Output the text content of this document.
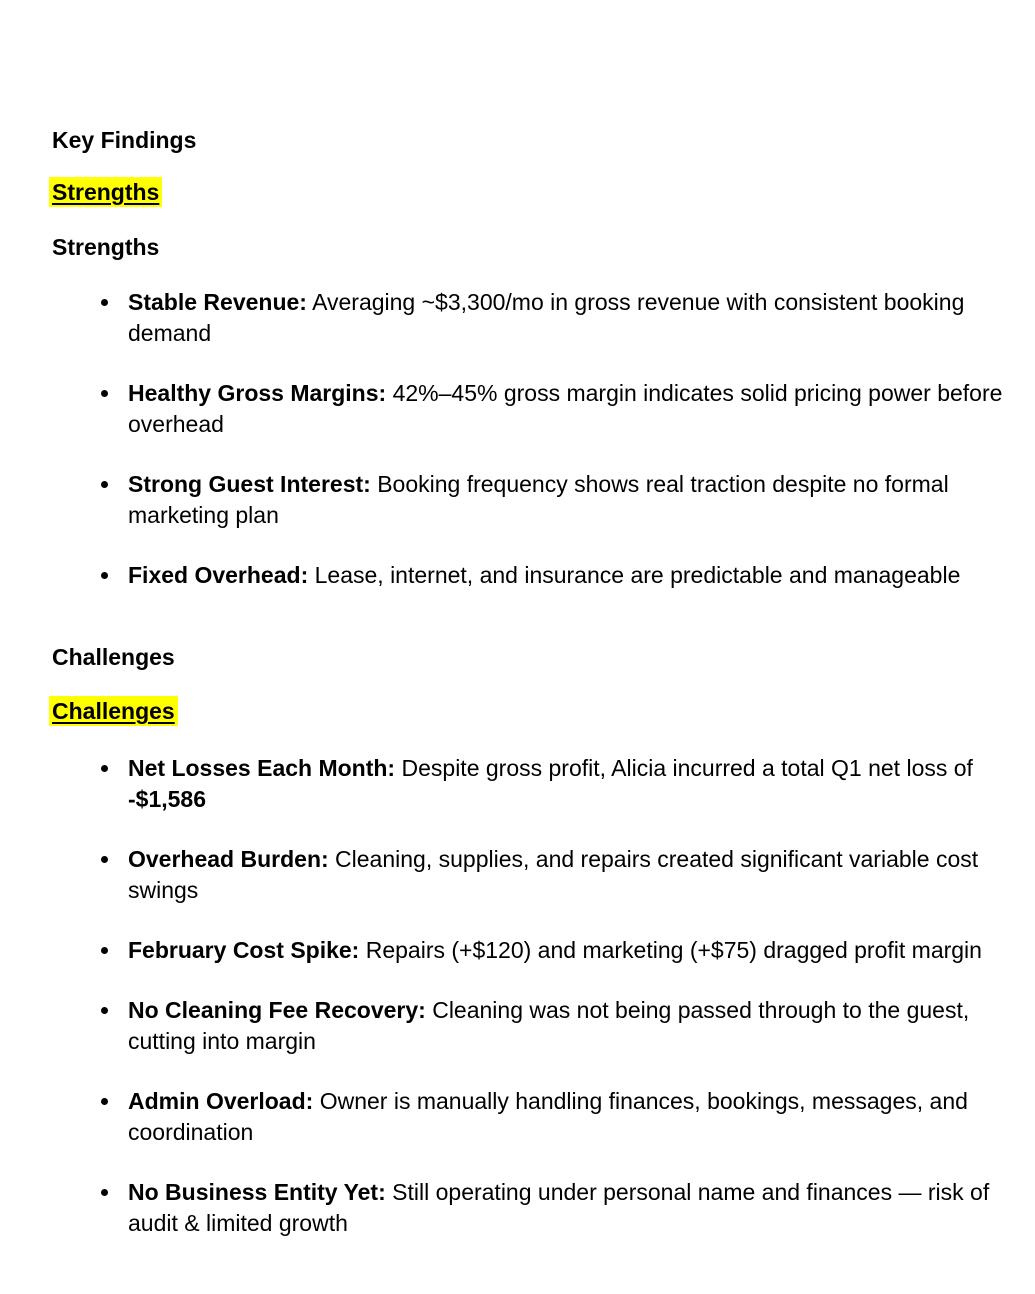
Key Findings

Strengths

Strengths
Stable Revenue: Averaging ~$3,300/mo in gross revenue with consistent booking demand
Healthy Gross Margins: 42%–45% gross margin indicates solid pricing power before overhead
Strong Guest Interest: Booking frequency shows real traction despite no formal marketing plan
Fixed Overhead: Lease, internet, and insurance are predictable and manageable
Challenges

Challenges

Net Losses Each Month: Despite gross profit, Alicia incurred a total Q1 net loss of -$1,586
Overhead Burden: Cleaning, supplies, and repairs created significant variable cost swings
February Cost Spike: Repairs (+$120) and marketing (+$75) dragged profit margin
No Cleaning Fee Recovery: Cleaning was not being passed through to the guest, cutting into margin
Admin Overload: Owner is manually handling finances, bookings, messages, and coordination
No Business Entity Yet: Still operating under personal name and finances — risk of audit & limited growth
